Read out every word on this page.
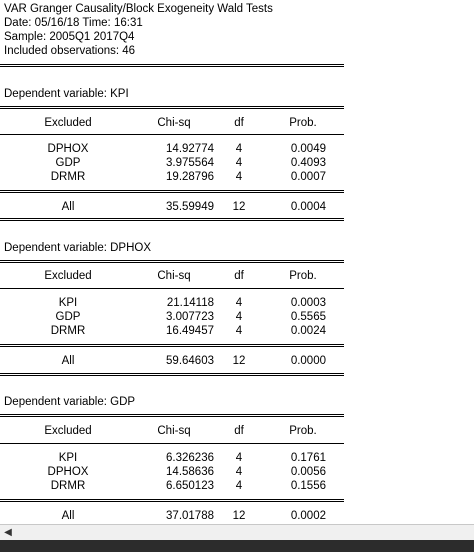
VAR Granger Causality/Block Exogeneity Wald Tests
Date: 05/16/18 Time: 16:31
Sample: 2005Q1 2017Q4
Included observations: 46
Dependent variable: KPI
Excluded	Chi-sq	df	Prob.
DPHOX	14.92774	4	0.0049
GDP	3.975564	4	0.4093
DRMR	19.28796	4	0.0007
All	35.59949	12	0.0004
Dependent variable: DPHOX
Excluded	Chi-sq	df	Prob.
KPI	21.14118	4	0.0003
GDP	3.007723	4	0.5565
DRMR	16.49457	4	0.0024
All	59.64603	12	0.0000
Dependent variable: GDP
Excluded	Chi-sq	df	Prob.
KPI	6.326236	4	0.1761
DPHOX	14.58636	4	0.0056
DRMR	6.650123	4	0.1556
All	37.01788	12	0.0002
◀
